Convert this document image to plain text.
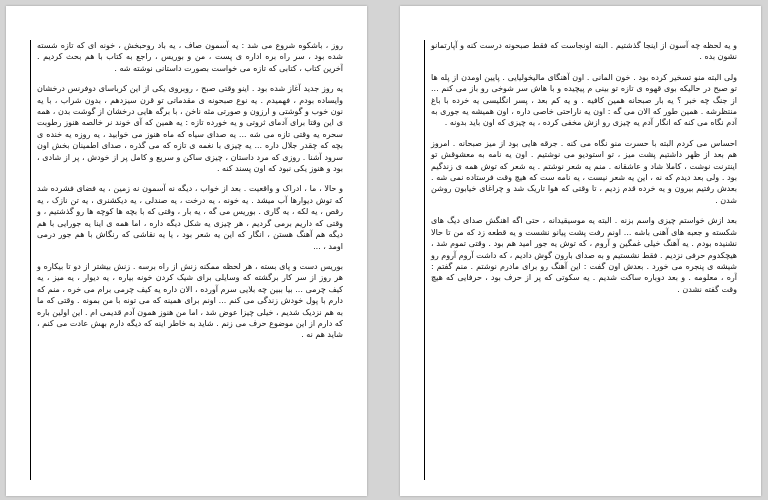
روز ، باشکوه شروع می شد : یه آسمون صاف ، یه باد روحبخش ، خونه ای که تازه شسته شده بود ، سر راه بره اداره ی پست ، من و بوریس ، راجع به کتاب با هم بحث کردیم . آخرین کتاب ، کتابی که تازه می خواست بصورت داستانی نوشته شه .

یه روز جدید آغاز شده بود . اینو وقتی صبح ، روبروی یکی از این کرباسای دوفرنس درخشان وایساده بودم ، فهمیدم . یه نوع صبحونه ی مقدماتی تو قرن سیزدهم ، بدون شراب ، با یه نون خوب و گوشتی و ارزون و صورتی مثه ناخن ، با برگه هایی درخشان از گوشت بدن ، همه ی این وقتا برای آدمای ثروتی و یه خورده تازه : یه همین که آی خوند نر خالصه هنوز رطوبت سحره یه وقتی تازه می شه ... یه صدای سیاه که ماه هنوز می خوابید ، یه روزه یه خنده ی بچه که چقدر جلال داره ... یه چیزی با نغمه ی تازه که می گذره ، صدای اطمینان بخش اون سرود آشنا . روزی که مرد داستان ، چیزی ساکن و سریع و کامل پر از خودش ، پر از شادی ، بود و هنوز یکی نبود که اون پسند کنه .

و حالا ، ما ، ادراک و واقعیت . بعد از خواب ، دیگه نه آسمون نه زمین ، یه فضای فشرده شد که توش دیوارها آب میشد . یه خونه ، یه درخت ، یه صندلی ، یه دیکشنری ، یه تن نازک ، یه رقص ، یه لکه ، یه گاری . بوریس می گه ، یه بار ، وقتی که با بچه ها کوچه ها رو گذشتیم ، و وقتی که داریم برمی گردیم ، هر چیزی یه شکل دیگه داره ، اما همه ی اینا یه جورایی با هم دیگه هم آهنگ هستن ، انگار که این یه شعر بود ، یا یه نقاشی که رنگاش با هم جور درمی اومد ، ...

بوریس دست و پای بسته ، هر لحظه ممکنه زنش از راه برسه . زنش بیشتر از دو تا بیکاره و هر روز از سر کار برگشته که وسایلی برای شیک کردن خونه بیاره ، یه دیوار ، یه میز ، یه کیف چرمی ... بیا ببین چه بلایی سرم آورده ، الان داره یه کیف چرمی برام می خره ، منم که دارم با پول خودش زندگی می کنم ... اونم برای همینه که می تونه با من بمونه . وقتی که ما به هم نزدیک شدیم ، خیلی چیزا عوض شد ، اما من هنوز همون آدم قدیمی ام . این اولین باره که دارم از این موضوع حرف می زنم . شاید به خاطر اینه که دیگه دارم بهش عادت می کنم ، شاید هم نه .

و یه لحظه چه آسون از اینجا گذشتیم . البته اونجاست که فقط صبحونه درست کنه و آپارتمانو نشون بده .

ولی البته منو تسخیر کرده بود . خون المانی . اون آهنگای مالیخولیایی . پایین اومدن از پله ها تو صبح در حالیکه بوی قهوه ی تازه تو بینی م پیچیده و با هاش سر شوخی رو باز می کنم ... از جنگ چه خبر ؟ یه بار صبحانه همین کافیه . و یه کم بعد ، پسر انگلیسی یه خرده با باغ منتظرشه . همین طور که الان می گه : اون یه ناراحتی خاصی داره ، اون همیشه یه جوری به آدم نگاه می کنه که انگار آدم یه چیزی رو ازش مخفی کرده ، یه چیزی که اون باید بدونه .

احساس می کردم البته با حسرت منو نگاه می کنه . جرقه هایی بود از میز صبحانه . امروز هم بعد از ظهر داشتیم پشت میز ، تو استودیو می نوشتیم . اون یه نامه به معشوقش تو اینترنت نوشت ، کاملا شاد و عاشقانه . منم یه شعر نوشتم . یه شعر که توش همه ی زندگیم بود . ولی بعد دیدم که نه ، این یه شعر نیست ، یه نامه ست که هیچ وقت فرستاده نمی شه . بعدش رفتیم بیرون و یه خرده قدم زدیم ، تا وقتی که هوا تاریک شد و چراغای خیابون روشن شدن .

بعد ازش خواستم چیزی واسم بزنه . البته یه موسیقیدانه ، حتی اگه اهنگش صدای دیگ های شکسته و جعبه های آهنی باشه ... اونم رفت پشت پیانو نشست و یه قطعه زد که من تا حالا نشنیده بودم . یه آهنگ خیلی غمگین و آروم ، که توش یه جور امید هم بود . وقتی تموم شد ، هیچکدوم حرفی نزدیم . فقط نشستیم و به صدای بارون گوش دادیم ، که داشت آروم آروم رو شیشه ی پنجره می خورد . بعدش اون گفت : این آهنگ رو برای مادرم نوشتم . منم گفتم : آره ، معلومه . و بعد دوباره ساکت شدیم . یه سکوتی که پر از حرف بود ، حرفایی که هیچ وقت گفته نشدن .
